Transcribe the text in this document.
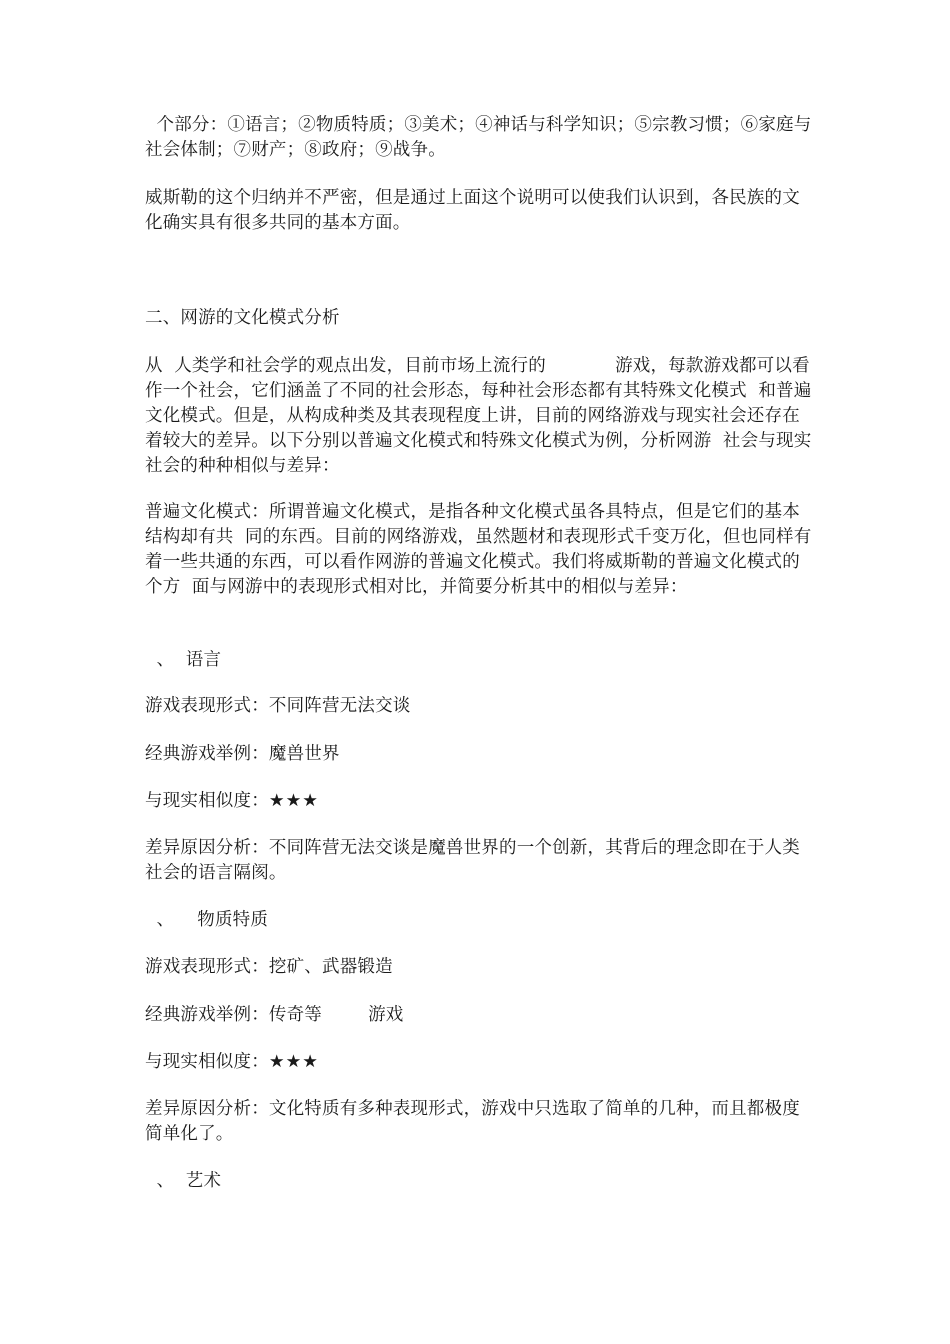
个部分：①语言；②物质特质；③美术；④神话与科学知识；⑤宗教习惯；⑥家庭与社会体制；⑦财产；⑧政府；⑨战争。

威斯勒的这个归纳并不严密，但是通过上面这个说明可以使我们认识到，各民族的文化确实具有很多共同的基本方面。

二、网游的文化模式分析

从  人类学和社会学的观点出发，目前市场上流行的            游戏，每款游戏都可以看作一个社会，它们涵盖了不同的社会形态，每种社会形态都有其特殊文化模式  和普遍文化模式。但是，从构成种类及其表现程度上讲，目前的网络游戏与现实社会还存在着较大的差异。以下分别以普遍文化模式和特殊文化模式为例，分析网游  社会与现实社会的种种相似与差异：

普遍文化模式：所谓普遍文化模式，是指各种文化模式虽各具特点，但是它们的基本结构却有共  同的东西。目前的网络游戏，虽然题材和表现形式千变万化，但也同样有着一些共通的东西，可以看作网游的普遍文化模式。我们将威斯勒的普遍文化模式的    个方  面与网游中的表现形式相对比，并简要分析其中的相似与差异：

、  语言

游戏表现形式：不同阵营无法交谈

经典游戏举例：魔兽世界

与现实相似度：★★★

差异原因分析：不同阵营无法交谈是魔兽世界的一个创新，其背后的理念即在于人类社会的语言隔阂。

、    物质特质

游戏表现形式：挖矿、武器锻造

经典游戏举例：传奇等        游戏

与现实相似度：★★★

差异原因分析：文化特质有多种表现形式，游戏中只选取了简单的几种，而且都极度简单化了。

、  艺术
